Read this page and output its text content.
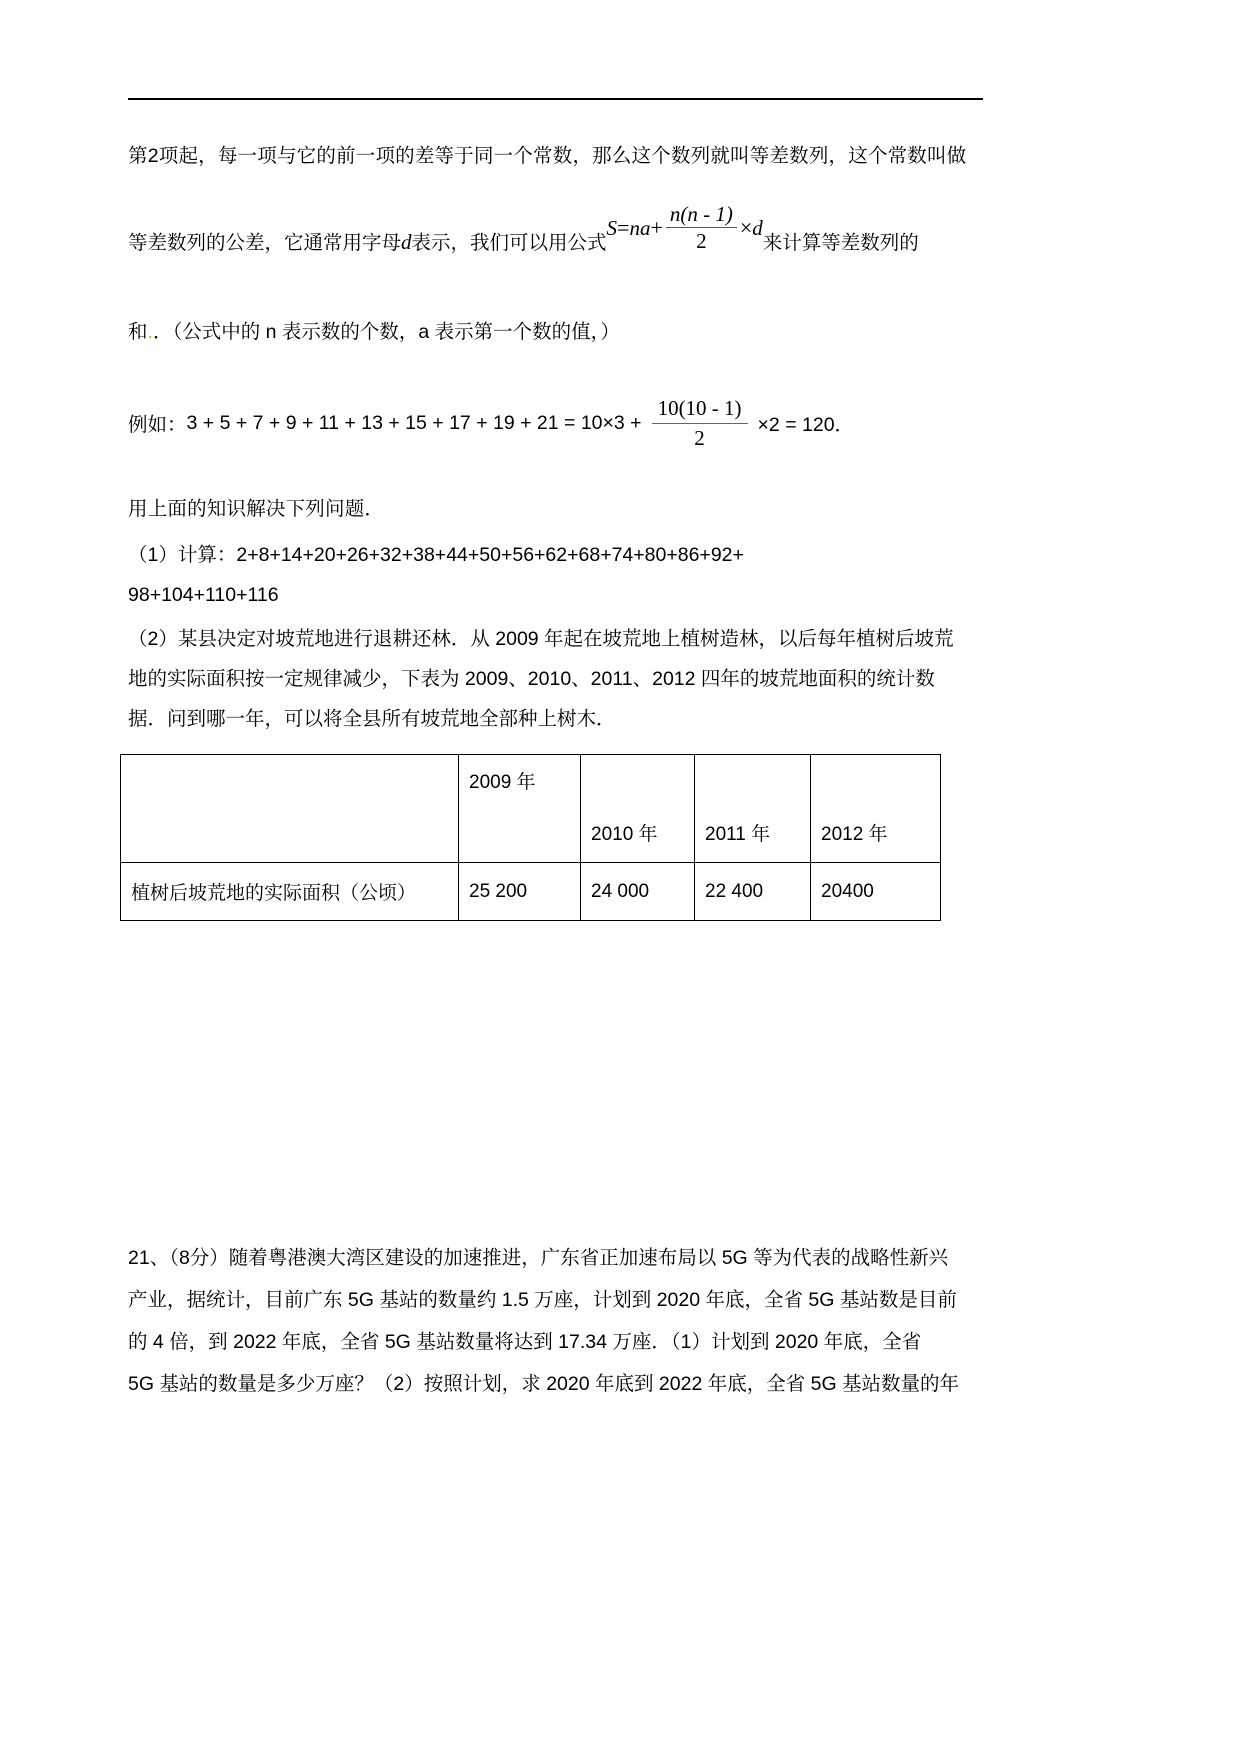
第2项起，每一项与它的前一项的差等于同一个常数，那么这个数列就叫等差数列，这个常数叫做
等差数列的公差，它通常用字母d表示，我们可以用公式$S=na+ \frac{n(n - 1)}{2} \times d$来计算等差数列的
和.．（公式中的 n 表示数的个数，a 表示第一个数的值，）
例如： $3 + 5 + 7 + 9 + 11 + 13 + 15 + 17 + 19 + 21 = 10\times 3 + \frac{10(10 - 1)}{2} \times 2 = 120$．
用上面的知识解决下列问题．
（1）计算：2+8+14+20+26+32+38+44+50+56+62+68+74+80+86+92+
98+104+110+116
（2）某县决定对坡荒地进行退耕还林．从 2009 年起在坡荒地上植树造林，以后每年植树后坡荒
地的实际面积按一定规律减少，下表为 2009、2010、2011、2012 四年的坡荒地面积的统计数
据．问到哪一年，可以将全县所有坡荒地全部种上树木．
	2009 年	2010 年	2011 年	2012 年
植树后坡荒地的实际面积（公顷）	25 200	24 000	22 400	20400
21、（8分）随着粤港澳大湾区建设的加速推进，广东省正加速布局以 5G 等为代表的战略性新兴
产业，据统计，目前广东 5G 基站的数量约 1.5 万座，计划到 2020 年底，全省 5G 基站数是目前
的 4 倍，到 2022 年底，全省 5G 基站数量将达到 17.34 万座．（1）计划到 2020 年底，全省
5G 基站的数量是多少万座？（2）按照计划，求 2020 年底到 2022 年底，全省 5G 基站数量的年
